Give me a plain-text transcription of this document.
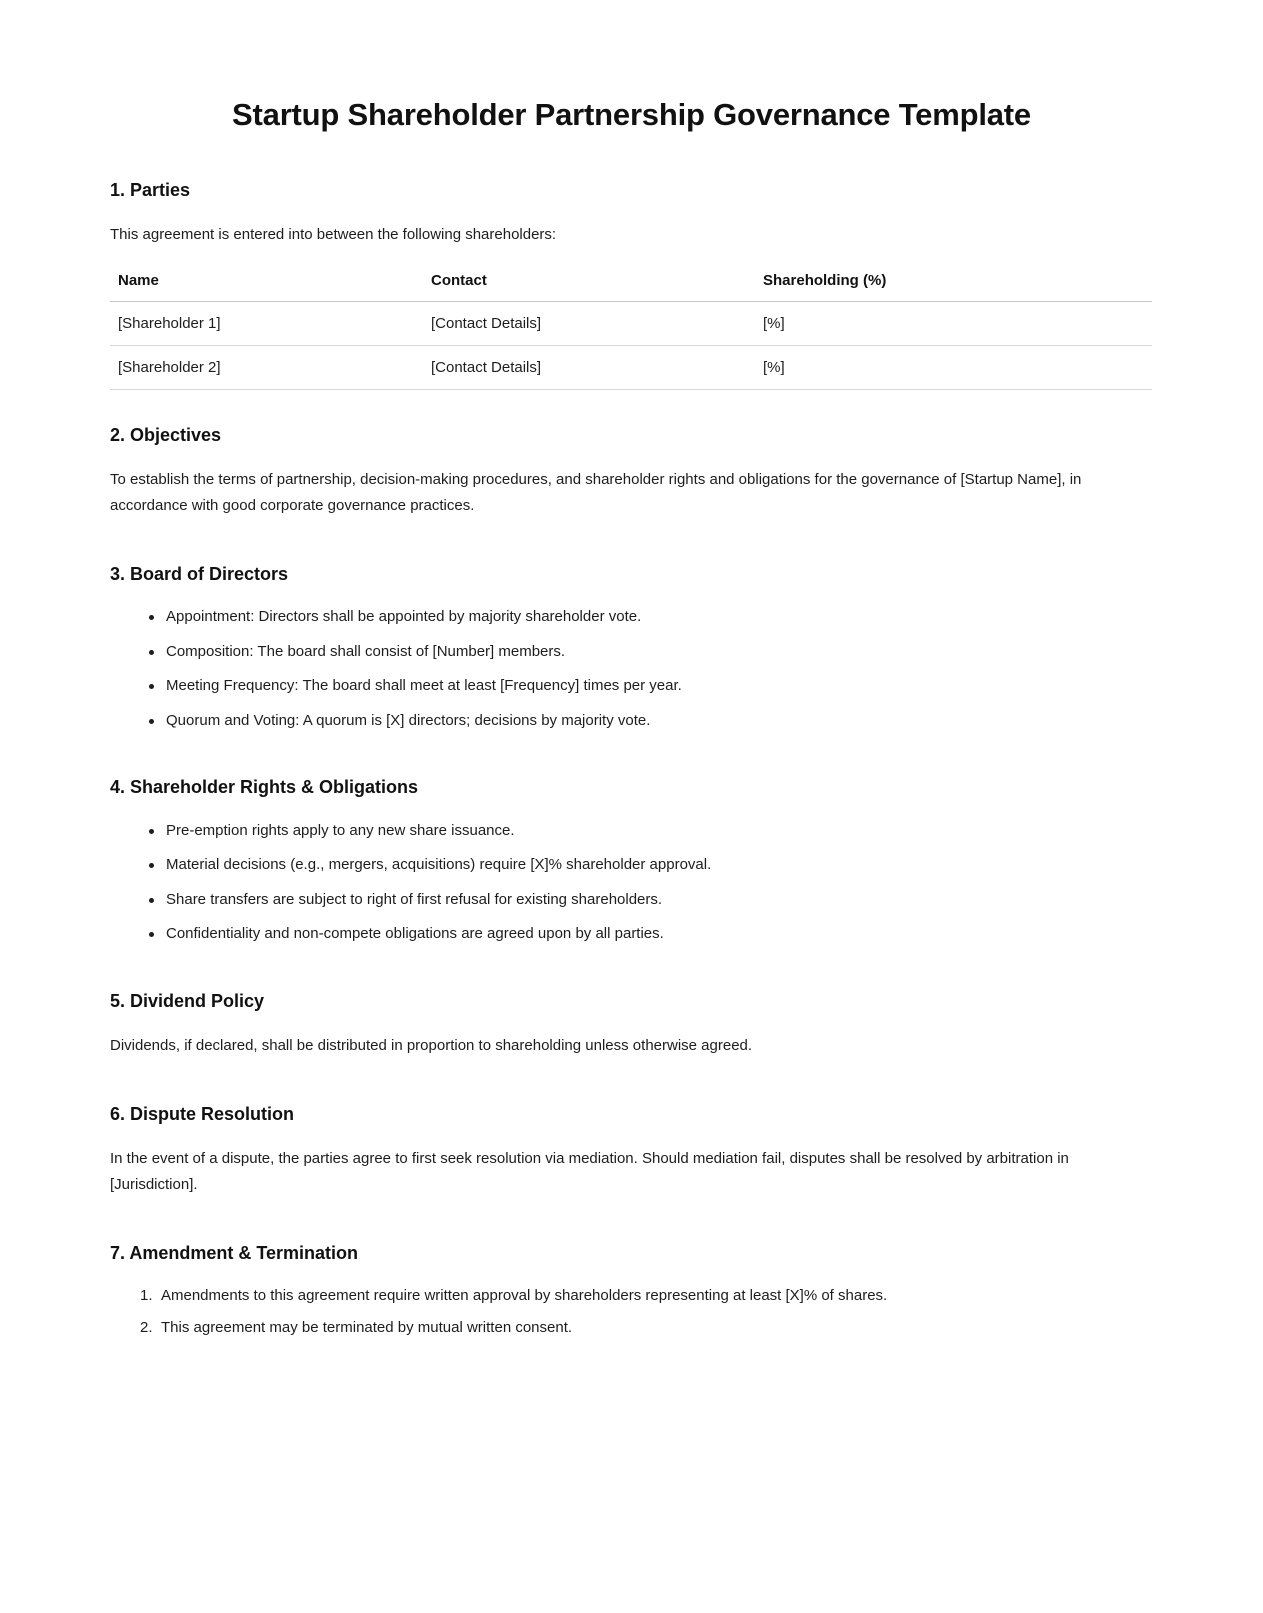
Startup Shareholder Partnership Governance Template
1. Parties

This agreement is entered into between the following shareholders:

Name	Contact	Shareholding (%)
[Shareholder 1]	[Contact Details]	[%]
[Shareholder 2]	[Contact Details]	[%]
2. Objectives

To establish the terms of partnership, decision-making procedures, and shareholder rights and obligations for the governance of [Startup Name], in accordance with good corporate governance practices.

3. Board of Directors
Appointment: Directors shall be appointed by majority shareholder vote.
Composition: The board shall consist of [Number] members.
Meeting Frequency: The board shall meet at least [Frequency] times per year.
Quorum and Voting: A quorum is [X] directors; decisions by majority vote.
4. Shareholder Rights & Obligations
Pre-emption rights apply to any new share issuance.
Material decisions (e.g., mergers, acquisitions) require [X]% shareholder approval.
Share transfers are subject to right of first refusal for existing shareholders.
Confidentiality and non-compete obligations are agreed upon by all parties.
5. Dividend Policy

Dividends, if declared, shall be distributed in proportion to shareholding unless otherwise agreed.

6. Dispute Resolution

In the event of a dispute, the parties agree to first seek resolution via mediation. Should mediation fail, disputes shall be resolved by arbitration in [Jurisdiction].

7. Amendment & Termination
Amendments to this agreement require written approval by shareholders representing at least [X]% of shares.
This agreement may be terminated by mutual written consent.
